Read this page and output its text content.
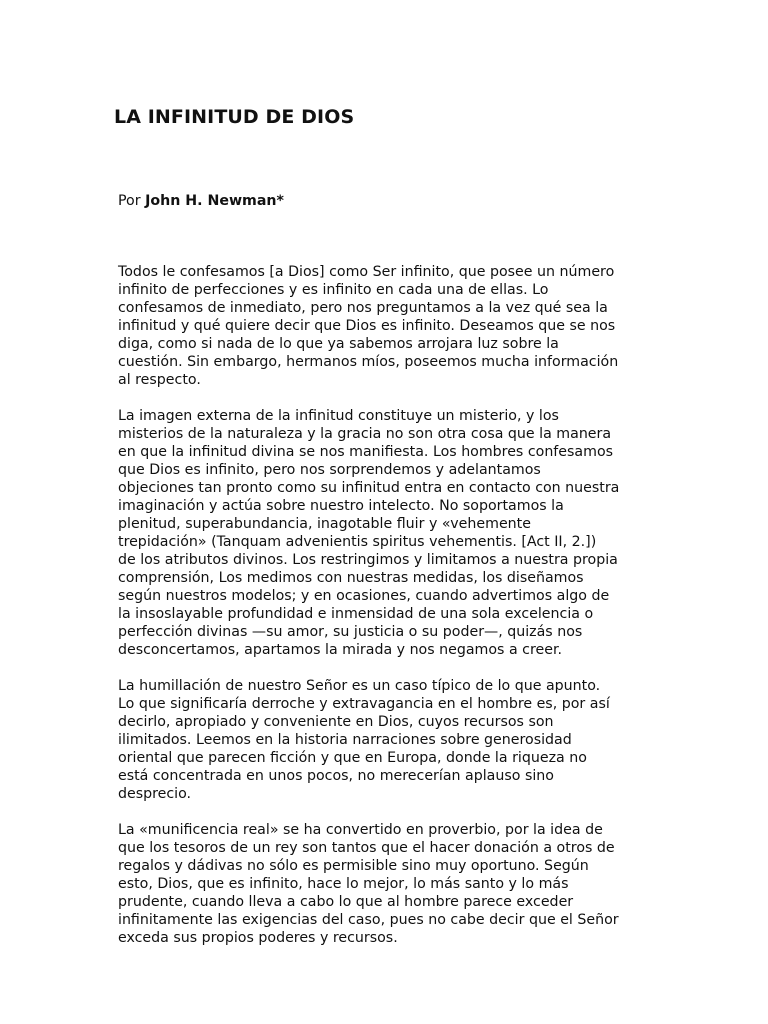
LA INFINITUD DE DIOS

Por John H. Newman*

Todos le confesamos [a Dios] como Ser infinito, que posee un número
infinito de perfecciones y es infinito en cada una de ellas. Lo
confesamos de inmediato, pero nos preguntamos a la vez qué sea la
infinitud y qué quiere decir que Dios es infinito. Deseamos que se nos
diga, como si nada de lo que ya sabemos arrojara luz sobre la
cuestión. Sin embargo, hermanos míos, poseemos mucha información
al respecto.

La imagen externa de la infinitud constituye un misterio, y los
misterios de la naturaleza y la gracia no son otra cosa que la manera
en que la infinitud divina se nos manifiesta. Los hombres confesamos
que Dios es infinito, pero nos sorprendemos y adelantamos
objeciones tan pronto como su infinitud entra en contacto con nuestra
imaginación y actúa sobre nuestro intelecto. No soportamos la
plenitud, superabundancia, inagotable fluir y «vehemente
trepidación» (Tanquam advenientis spiritus vehementis. [Act II, 2.])
de los atributos divinos. Los restringimos y limitamos a nuestra propia
comprensión, Los medimos con nuestras medidas, los diseñamos
según nuestros modelos; y en ocasiones, cuando advertimos algo de
la insoslayable profundidad e inmensidad de una sola excelencia o
perfección divinas —su amor, su justicia o su poder—, quizás nos
desconcertamos, apartamos la mirada y nos negamos a creer.

La humillación de nuestro Señor es un caso típico de lo que apunto.
Lo que significaría derroche y extravagancia en el hombre es, por así
decirlo, apropiado y conveniente en Dios, cuyos recursos son
ilimitados. Leemos en la historia narraciones sobre generosidad
oriental que parecen ficción y que en Europa, donde la riqueza no
está concentrada en unos pocos, no merecerían aplauso sino
desprecio.

La «munificencia real» se ha convertido en proverbio, por la idea de
que los tesoros de un rey son tantos que el hacer donación a otros de
regalos y dádivas no sólo es permisible sino muy oportuno. Según
esto, Dios, que es infinito, hace lo mejor, lo más santo y lo más
prudente, cuando lleva a cabo lo que al hombre parece exceder
infinitamente las exigencias del caso, pues no cabe decir que el Señor
exceda sus propios poderes y recursos.
